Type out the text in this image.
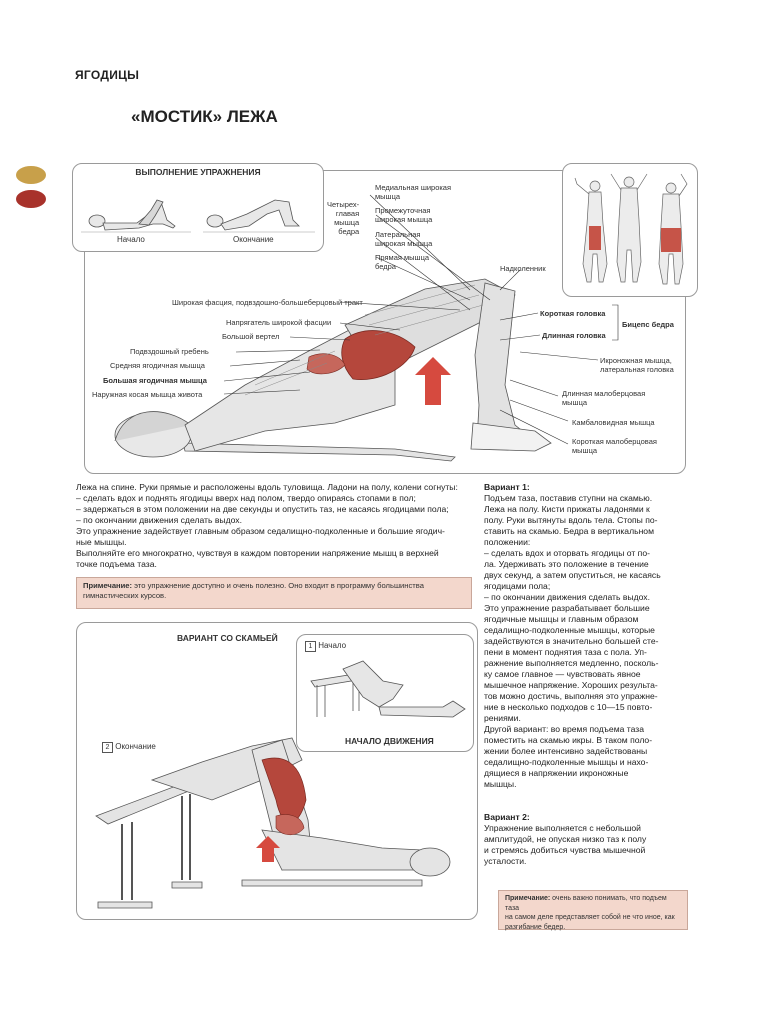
ЯГОДИЦЫ
«МОСТИК» ЛЕЖА
ВЫПОЛНЕНИЕ УПРАЖНЕНИЯ
Начало	Окончание
Четырех-
главая
мышца
бедра
Медиальная широкая
мышца
Промежуточная
широкая мышца
Латеральная
широкая мышца
Прямая мышца
бедра	Надколенник
Широкая фасция, подвздошно-большеберцовый тракт
Напрягатель широкой фасции
Большой вертел
Подвздошный гребень
Средняя ягодичная мышца
Большая ягодичная мышца
Наружная косая мышца живота
Короткая головка
Длинная головка
Бицепс бедра
Икроножная мышца,
латеральная головка
Длинная малоберцовая
мышца
Камбаловидная мышца
Короткая малоберцовая
мышца

Лежа на спине. Руки прямые и расположены вдоль туловища. Ладони на полу, колени согнуты:

– сделать вдох и поднять ягодицы вверх над полом, твердо опираясь стопами в пол;

– задержаться в этом положении на две секунды и опустить таз, не касаясь ягодицами пола;

– по окончании движения сделать выдох.

Это упражнение задействует главным образом седалищно-подколенные и большие ягодич-

ные мышцы.

Выполняйте его многократно, чувствуя в каждом повторении напряжение мышц в верхней

точке подъема таза.

Примечание: это упражнение доступно и очень полезно. Оно входит в программу большинства
гимнастических курсов.
ВАРИАНТ СО СКАМЬЕЙ
1 Начало
НАЧАЛО ДВИЖЕНИЯ
2 Окончание

Вариант 1:

Подъем таза, поставив ступни на скамью.

Лежа на полу. Кисти прижаты ладонями к

полу. Руки вытянуты вдоль тела. Стопы по-

ставить на скамью. Бедра в вертикальном

положении:

– сделать вдох и оторвать ягодицы от по-

ла. Удерживать это положение в течение

двух секунд, а затем опуститься, не касаясь

ягодицами пола;

– по окончании движения сделать выдох.

Это упражнение разрабатывает большие

ягодичные мышцы и главным образом

седалищно-подколенные мышцы, которые

задействуются в значительно большей сте-

пени в момент поднятия таза с пола. Уп-

ражнение выполняется медленно, посколь-

ку самое главное — чувствовать явное

мышечное напряжение. Хороших результа-

тов можно достичь, выполняя это упражне-

ние в несколько подходов с 10—15 повто-

рениями.

Другой вариант: во время подъема таза

поместить на скамью икры. В таком поло-

жении более интенсивно задействованы

седалищно-подколенные мышцы и нахо-

дящиеся в напряжении икроножные

мышцы.

Вариант 2:

Упражнение выполняется с небольшой

амплитудой, не опуская низко таз к полу

и стремясь добиться чувства мышечной

усталости.

Примечание: очень важно понимать, что подъем таза
на самом деле представляет собой не что иное, как
разгибание бедер.
